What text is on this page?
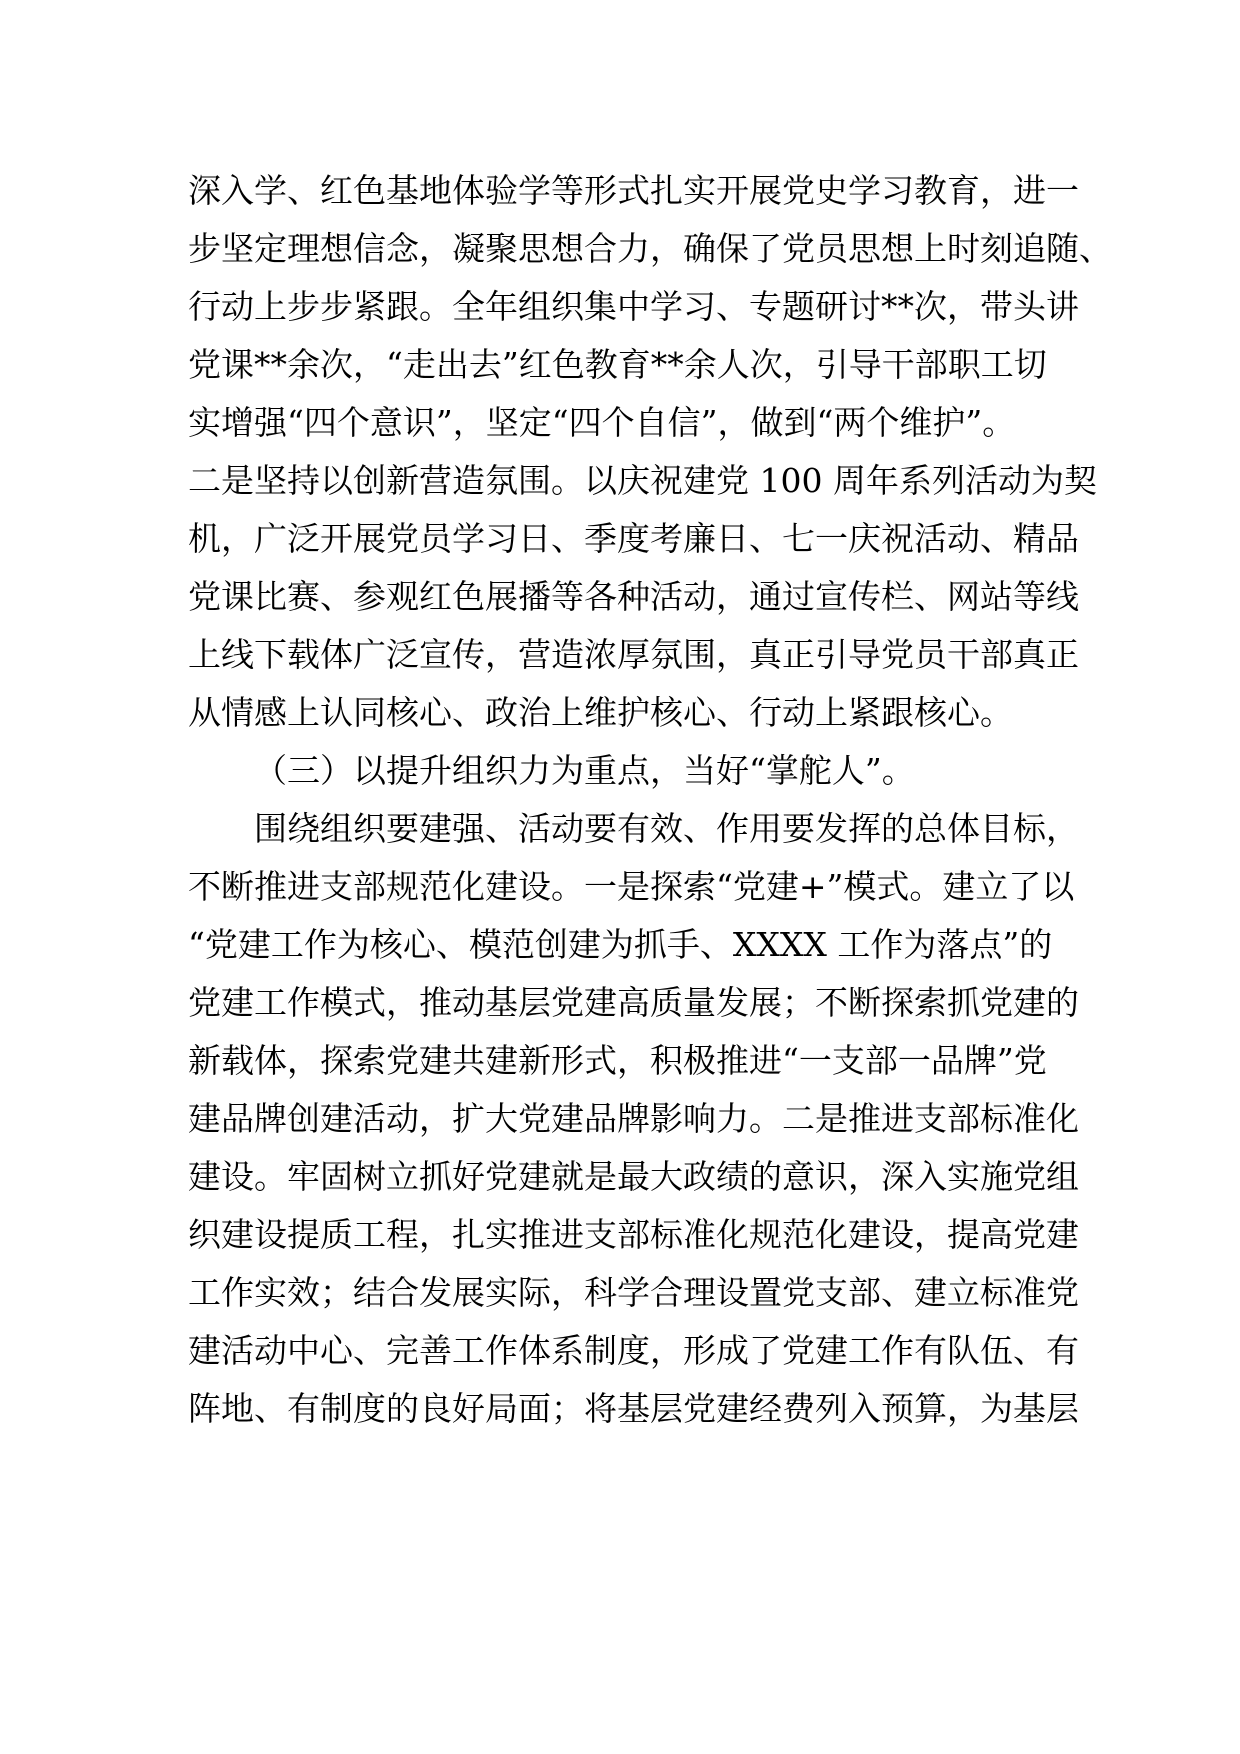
深入学、红色基地体验学等形式扎实开展党史学习教育，进一
步坚定理想信念，凝聚思想合力，确保了党员思想上时刻追随、
行动上步步紧跟。全年组织集中学习、专题研讨**次，带头讲
党课**余次，“走出去”红色教育**余人次，引导干部职工切
实增强“四个意识”，坚定“四个自信”，做到“两个维护”。
二是坚持以创新营造氛围。以庆祝建党 100 周年系列活动为契
机，广泛开展党员学习日、季度考廉日、七一庆祝活动、精品
党课比赛、参观红色展播等各种活动，通过宣传栏、网站等线
上线下载体广泛宣传，营造浓厚氛围，真正引导党员干部真正
从情感上认同核心、政治上维护核心、行动上紧跟核心。
（三）以提升组织力为重点，当好“掌舵人”。
围绕组织要建强、活动要有效、作用要发挥的总体目标，
不断推进支部规范化建设。一是探索“党建+”模式。建立了以
“党建工作为核心、模范创建为抓手、XXXX 工作为落点”的
党建工作模式，推动基层党建高质量发展；不断探索抓党建的
新载体，探索党建共建新形式，积极推进“一支部一品牌”党
建品牌创建活动，扩大党建品牌影响力。二是推进支部标准化
建设。牢固树立抓好党建就是最大政绩的意识，深入实施党组
织建设提质工程，扎实推进支部标准化规范化建设，提高党建
工作实效；结合发展实际，科学合理设置党支部、建立标准党
建活动中心、完善工作体系制度，形成了党建工作有队伍、有
阵地、有制度的良好局面；将基层党建经费列入预算，为基层
